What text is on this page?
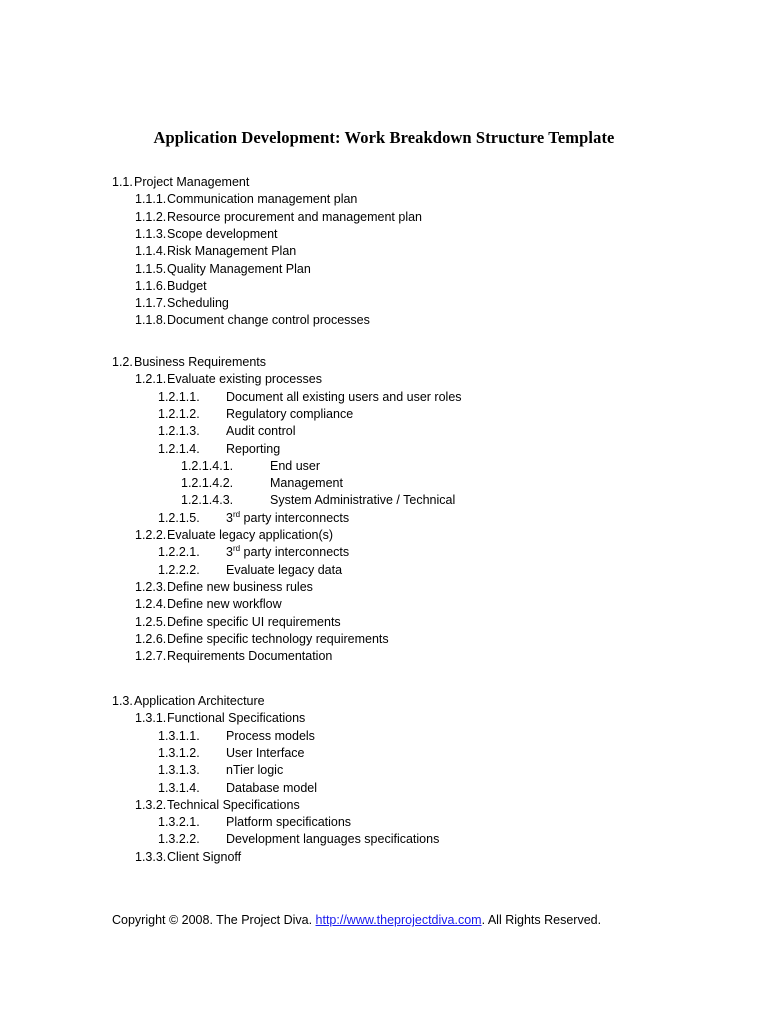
Application Development: Work Breakdown Structure Template
1.1. Project Management
1.1.1. Communication management plan
1.1.2. Resource procurement and management plan
1.1.3. Scope development
1.1.4. Risk Management Plan
1.1.5. Quality Management Plan
1.1.6. Budget
1.1.7. Scheduling
1.1.8. Document change control processes
1.2. Business Requirements
1.2.1. Evaluate existing processes
1.2.1.1. Document all existing users and user roles
1.2.1.2. Regulatory compliance
1.2.1.3. Audit control
1.2.1.4. Reporting
1.2.1.4.1.	End user
1.2.1.4.2.	Management
1.2.1.4.3.	System Administrative / Technical
1.2.1.5. 3rd party interconnects
1.2.2. Evaluate legacy application(s)
1.2.2.1. 3rd party interconnects
1.2.2.2. Evaluate legacy data
1.2.3. Define new business rules
1.2.4. Define new workflow
1.2.5. Define specific UI requirements
1.2.6. Define specific technology requirements
1.2.7. Requirements Documentation
1.3. Application Architecture
1.3.1. Functional Specifications
1.3.1.1. Process models
1.3.1.2. User Interface
1.3.1.3. nTier logic
1.3.1.4. Database model
1.3.2. Technical Specifications
1.3.2.1. Platform specifications
1.3.2.2. Development languages specifications
1.3.3. Client Signoff
Copyright © 2008. The Project Diva. http://www.theprojectdiva.com. All Rights Reserved.
